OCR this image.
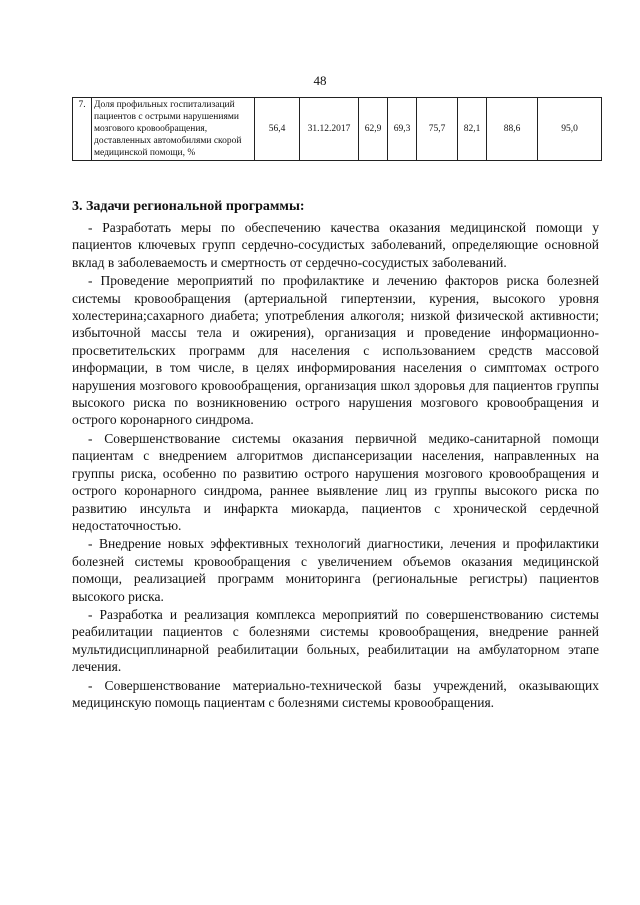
48
7.	Доля профильных госпитализаций пациентов с острыми нарушениями мозгового кровообращения, доставленных автомобилями скорой медицинской помощи, %	56,4	31.12.2017	62,9	69,3	75,7	82,1	88,6	95,0
3. Задачи региональной программы:

- Разработать меры по обеспечению качества оказания медицинской помощи у пациентов ключевых групп сердечно-сосудистых заболеваний, определяющие основной вклад в заболеваемость и смертность от сердечно-сосудистых заболеваний.

- Проведение мероприятий по профилактике и лечению факторов риска болезней системы кровообращения (артериальной гипертензии, курения, высокого уровня холестерина;сахарного диабета; употребления алкоголя; низкой физической активности; избыточной массы тела и ожирения), организация и проведение информационно-просветительских программ для населения с использованием средств массовой информации, в том числе, в целях информирования населения о симптомах острого нарушения мозгового кровообращения, организация школ здоровья для пациентов группы высокого риска по возникновению острого нарушения мозгового кровообращения и острого коронарного синдрома.

- Совершенствование системы оказания первичной медико-санитарной помощи пациентам с внедрением алгоритмов диспансеризации населения, направленных на группы риска, особенно по развитию острого нарушения мозгового кровообращения и острого коронарного синдрома, раннее выявление лиц из группы высокого риска по развитию инсульта и инфаркта миокарда, пациентов с хронической сердечной недостаточностью.

- Внедрение новых эффективных технологий диагностики, лечения и профилактики болезней системы кровообращения с увеличением объемов оказания медицинской помощи, реализацией программ мониторинга (региональные регистры) пациентов высокого риска.

- Разработка и реализация комплекса мероприятий по совершенствованию системы реабилитации пациентов с болезнями системы кровообращения, внедрение ранней мультидисциплинарной реабилитации больных, реабилитации на амбулаторном этапе лечения.

- Совершенствование материально-технической базы учреждений, оказывающих медицинскую помощь пациентам с болезнями системы кровообращения.
